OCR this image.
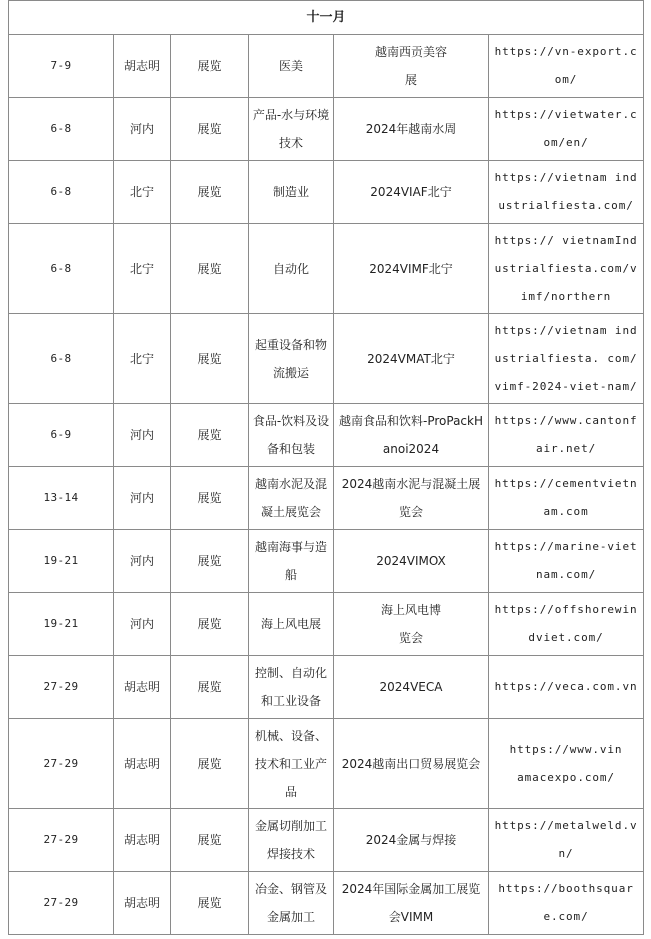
十一月					
7-9	胡志明	展览	医美	越南西贡美容展	https://vn-export.com/
6-8	河内	展览	产品-水与环境技术	2024年越南水周	https://vietwater.com/en/
6-8	北宁	展览	制造业	2024VIAF北宁	https://vietnam industrialfiesta.com/
6-8	北宁	展览	自动化	2024VIMF北宁	https:// vietnamIndustrialfiesta.com/vimf/northern
6-8	北宁	展览	起重设备和物流搬运	2024VMAT北宁	https://vietnam industrialfiesta. com/vimf-2024-viet-nam/
6-9	河内	展览	食品-饮料及设备和包装	越南食品和饮料-ProPackHanoi2024	https://www.cantonfair.net/
13-14	河内	展览	越南水泥及混凝土展览会	2024越南水泥与混凝土展览会	https://cementvietnam.com
19-21	河内	展览	越南海事与造船	2024VIMOX	https://marine-vietnam.com/
19-21	河内	展览	海上风电展	海上风电博览会	https://offshorewindviet.com/
27-29	胡志明	展览	控制、自动化和工业设备	2024VECA	https://veca.com.vn
27-29	胡志明	展览	机械、设备、技术和工业产品	2024越南出口贸易展览会	https://www.vinamacexpo.com/
27-29	胡志明	展览	金属切削加工焊接技术	2024金属与焊接	https://metalweld.vn/
27-29	胡志明	展览	冶金、钢管及金属加工	2024年国际金属加工展览会VIMM	https://boothsquare.com/
